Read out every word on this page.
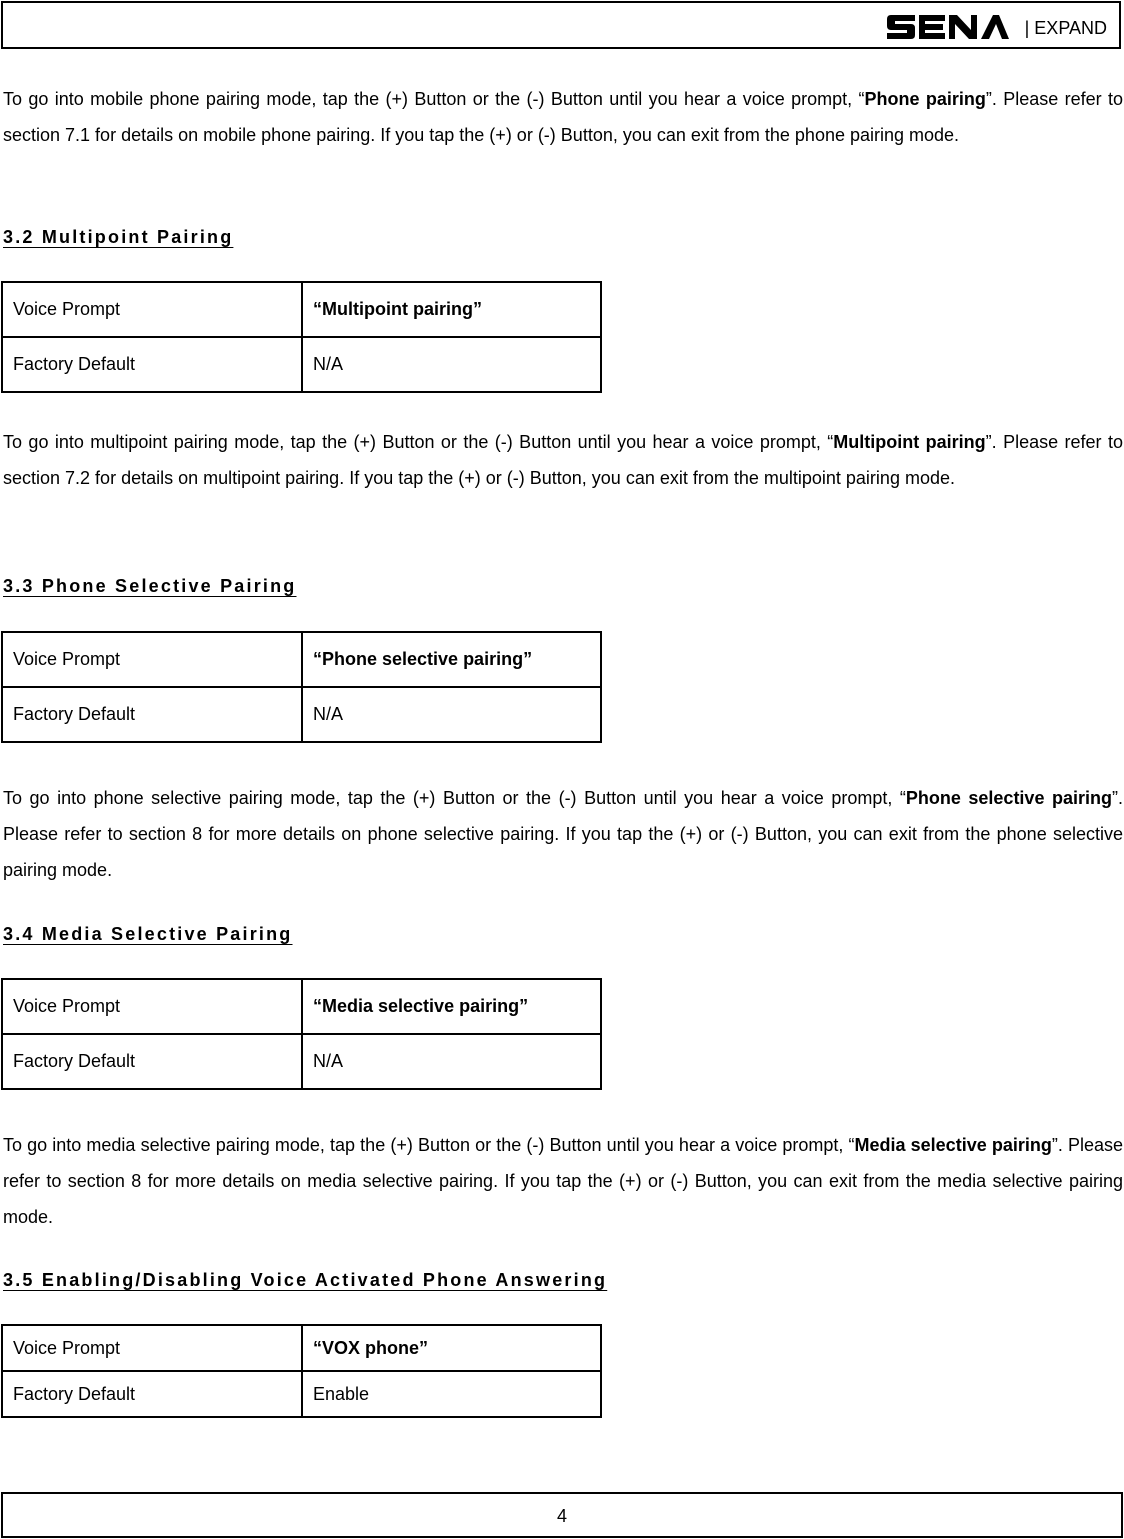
| EXPAND

To go into mobile phone pairing mode, tap the (+) Button or the (-) Button until you hear a voice prompt, “Phone pairing”. Please refer to section 7.1 for details on mobile phone pairing. If you tap the (+) or (-) Button, you can exit from the phone pairing mode.

3.2 Multipoint Pairing
Voice Prompt	“Multipoint pairing”
Factory Default	N/A

To go into multipoint pairing mode, tap the (+) Button or the (-) Button until you hear a voice prompt, “Multipoint pairing”. Please refer to section 7.2 for details on multipoint pairing. If you tap the (+) or (-) Button, you can exit from the multipoint pairing mode.

3.3 Phone Selective Pairing
Voice Prompt	“Phone selective pairing”
Factory Default	N/A

To go into phone selective pairing mode, tap the (+) Button or the (-) Button until you hear a voice prompt, “Phone selective pairing”. Please refer to section 8 for more details on phone selective pairing. If you tap the (+) or (-) Button, you can exit from the phone selective pairing mode.

3.4 Media Selective Pairing
Voice Prompt	“Media selective pairing”
Factory Default	N/A

To go into media selective pairing mode, tap the (+) Button or the (-) Button until you hear a voice prompt, “Media selective pairing”. Please refer to section 8 for more details on media selective pairing. If you tap the (+) or (-) Button, you can exit from the media selective pairing mode.

3.5 Enabling/Disabling Voice Activated Phone Answering
Voice Prompt	“VOX phone”
Factory Default	Enable
4
